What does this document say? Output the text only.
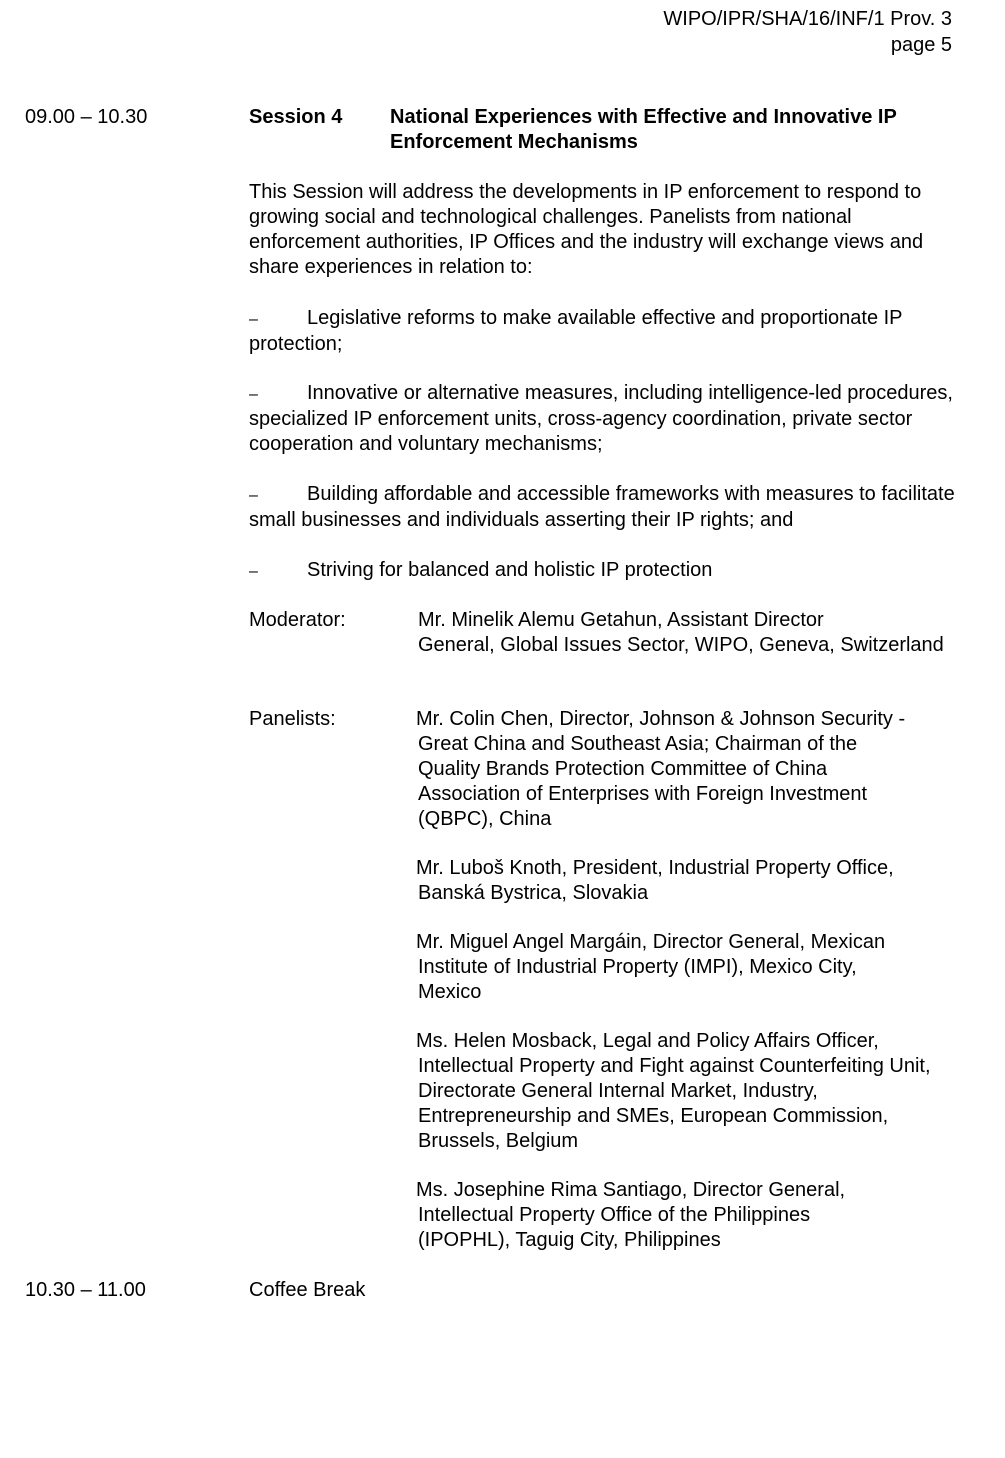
WIPO/IPR/SHA/16/INF/1 Prov. 3
page 5
09.00 – 10.30	Session 4 National Experiences with Effective and Innovative IP Enforcement Mechanisms
This Session will address the developments in IP enforcement to respond to growing social and technological challenges. Panelists from national enforcement authorities, IP Offices and the industry will exchange views and share experiences in relation to:
– Legislative reforms to make available effective and proportionate IP protection;
– Innovative or alternative measures, including intelligence-led procedures, specialized IP enforcement units, cross-agency coordination, private sector cooperation and voluntary mechanisms;
– Building affordable and accessible frameworks with measures to facilitate small businesses and individuals asserting their IP rights; and
– Striving for balanced and holistic IP protection
Moderator:	Mr. Minelik Alemu Getahun, Assistant Director
General, Global Issues Sector, WIPO, Geneva, Switzerland
Panelists:	Mr. Colin Chen, Director, Johnson & Johnson Security -
Great China and Southeast Asia; Chairman of the Quality Brands Protection Committee of China Association of Enterprises with Foreign Investment (QBPC), China
Mr. Luboš Knoth, President, Industrial Property Office,
Banská Bystrica, Slovakia
Mr. Miguel Angel Margáin, Director General, Mexican
Institute of Industrial Property (IMPI), Mexico City, Mexico
Ms. Helen Mosback, Legal and Policy Affairs Officer,
Intellectual Property and Fight against Counterfeiting Unit, Directorate General Internal Market, Industry, Entrepreneurship and SMEs, European Commission, Brussels, Belgium
Ms. Josephine Rima Santiago, Director General,
Intellectual Property Office of the Philippines (IPOPHL), Taguig City, Philippines
10.30 – 11.00	Coffee Break
